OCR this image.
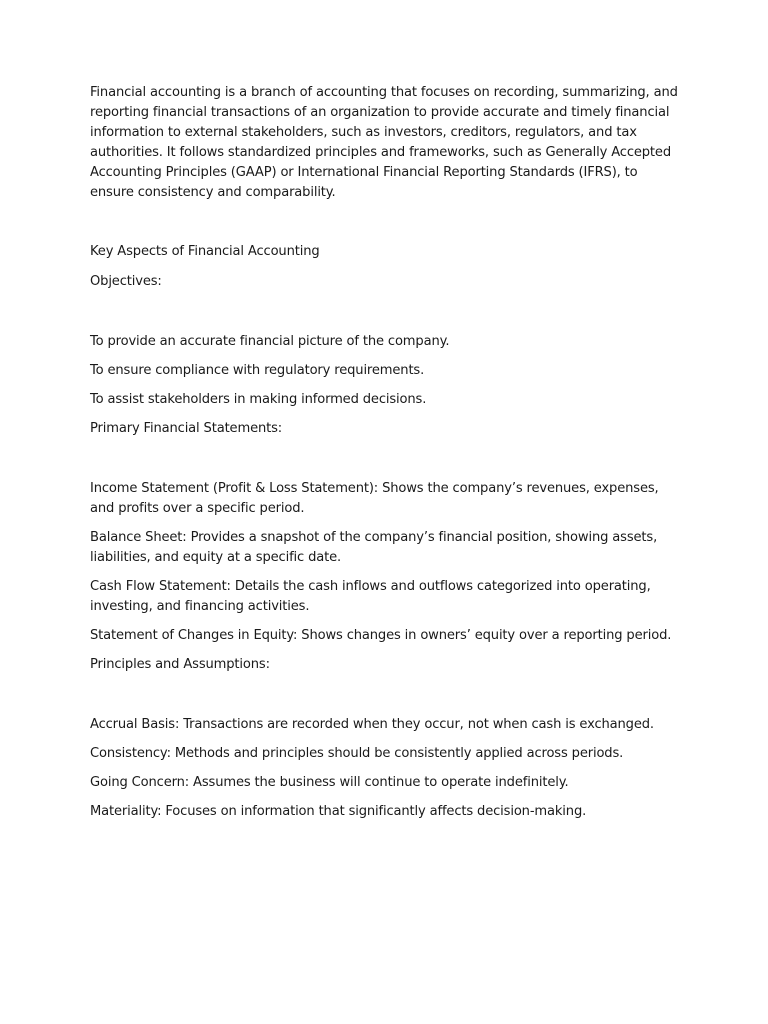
Financial accounting is a branch of accounting that focuses on recording, summarizing, and reporting financial transactions of an organization to provide accurate and timely financial information to external stakeholders, such as investors, creditors, regulators, and tax authorities. It follows standardized principles and frameworks, such as Generally Accepted Accounting Principles (GAAP) or International Financial Reporting Standards (IFRS), to ensure consistency and comparability.

Key Aspects of Financial Accounting

Objectives:

To provide an accurate financial picture of the company.

To ensure compliance with regulatory requirements.

To assist stakeholders in making informed decisions.

Primary Financial Statements:

Income Statement (Profit & Loss Statement): Shows the company’s revenues, expenses, and profits over a specific period.

Balance Sheet: Provides a snapshot of the company’s financial position, showing assets, liabilities, and equity at a specific date.

Cash Flow Statement: Details the cash inflows and outflows categorized into operating, investing, and financing activities.

Statement of Changes in Equity: Shows changes in owners’ equity over a reporting period.

Principles and Assumptions:

Accrual Basis: Transactions are recorded when they occur, not when cash is exchanged.

Consistency: Methods and principles should be consistently applied across periods.

Going Concern: Assumes the business will continue to operate indefinitely.

Materiality: Focuses on information that significantly affects decision-making.
